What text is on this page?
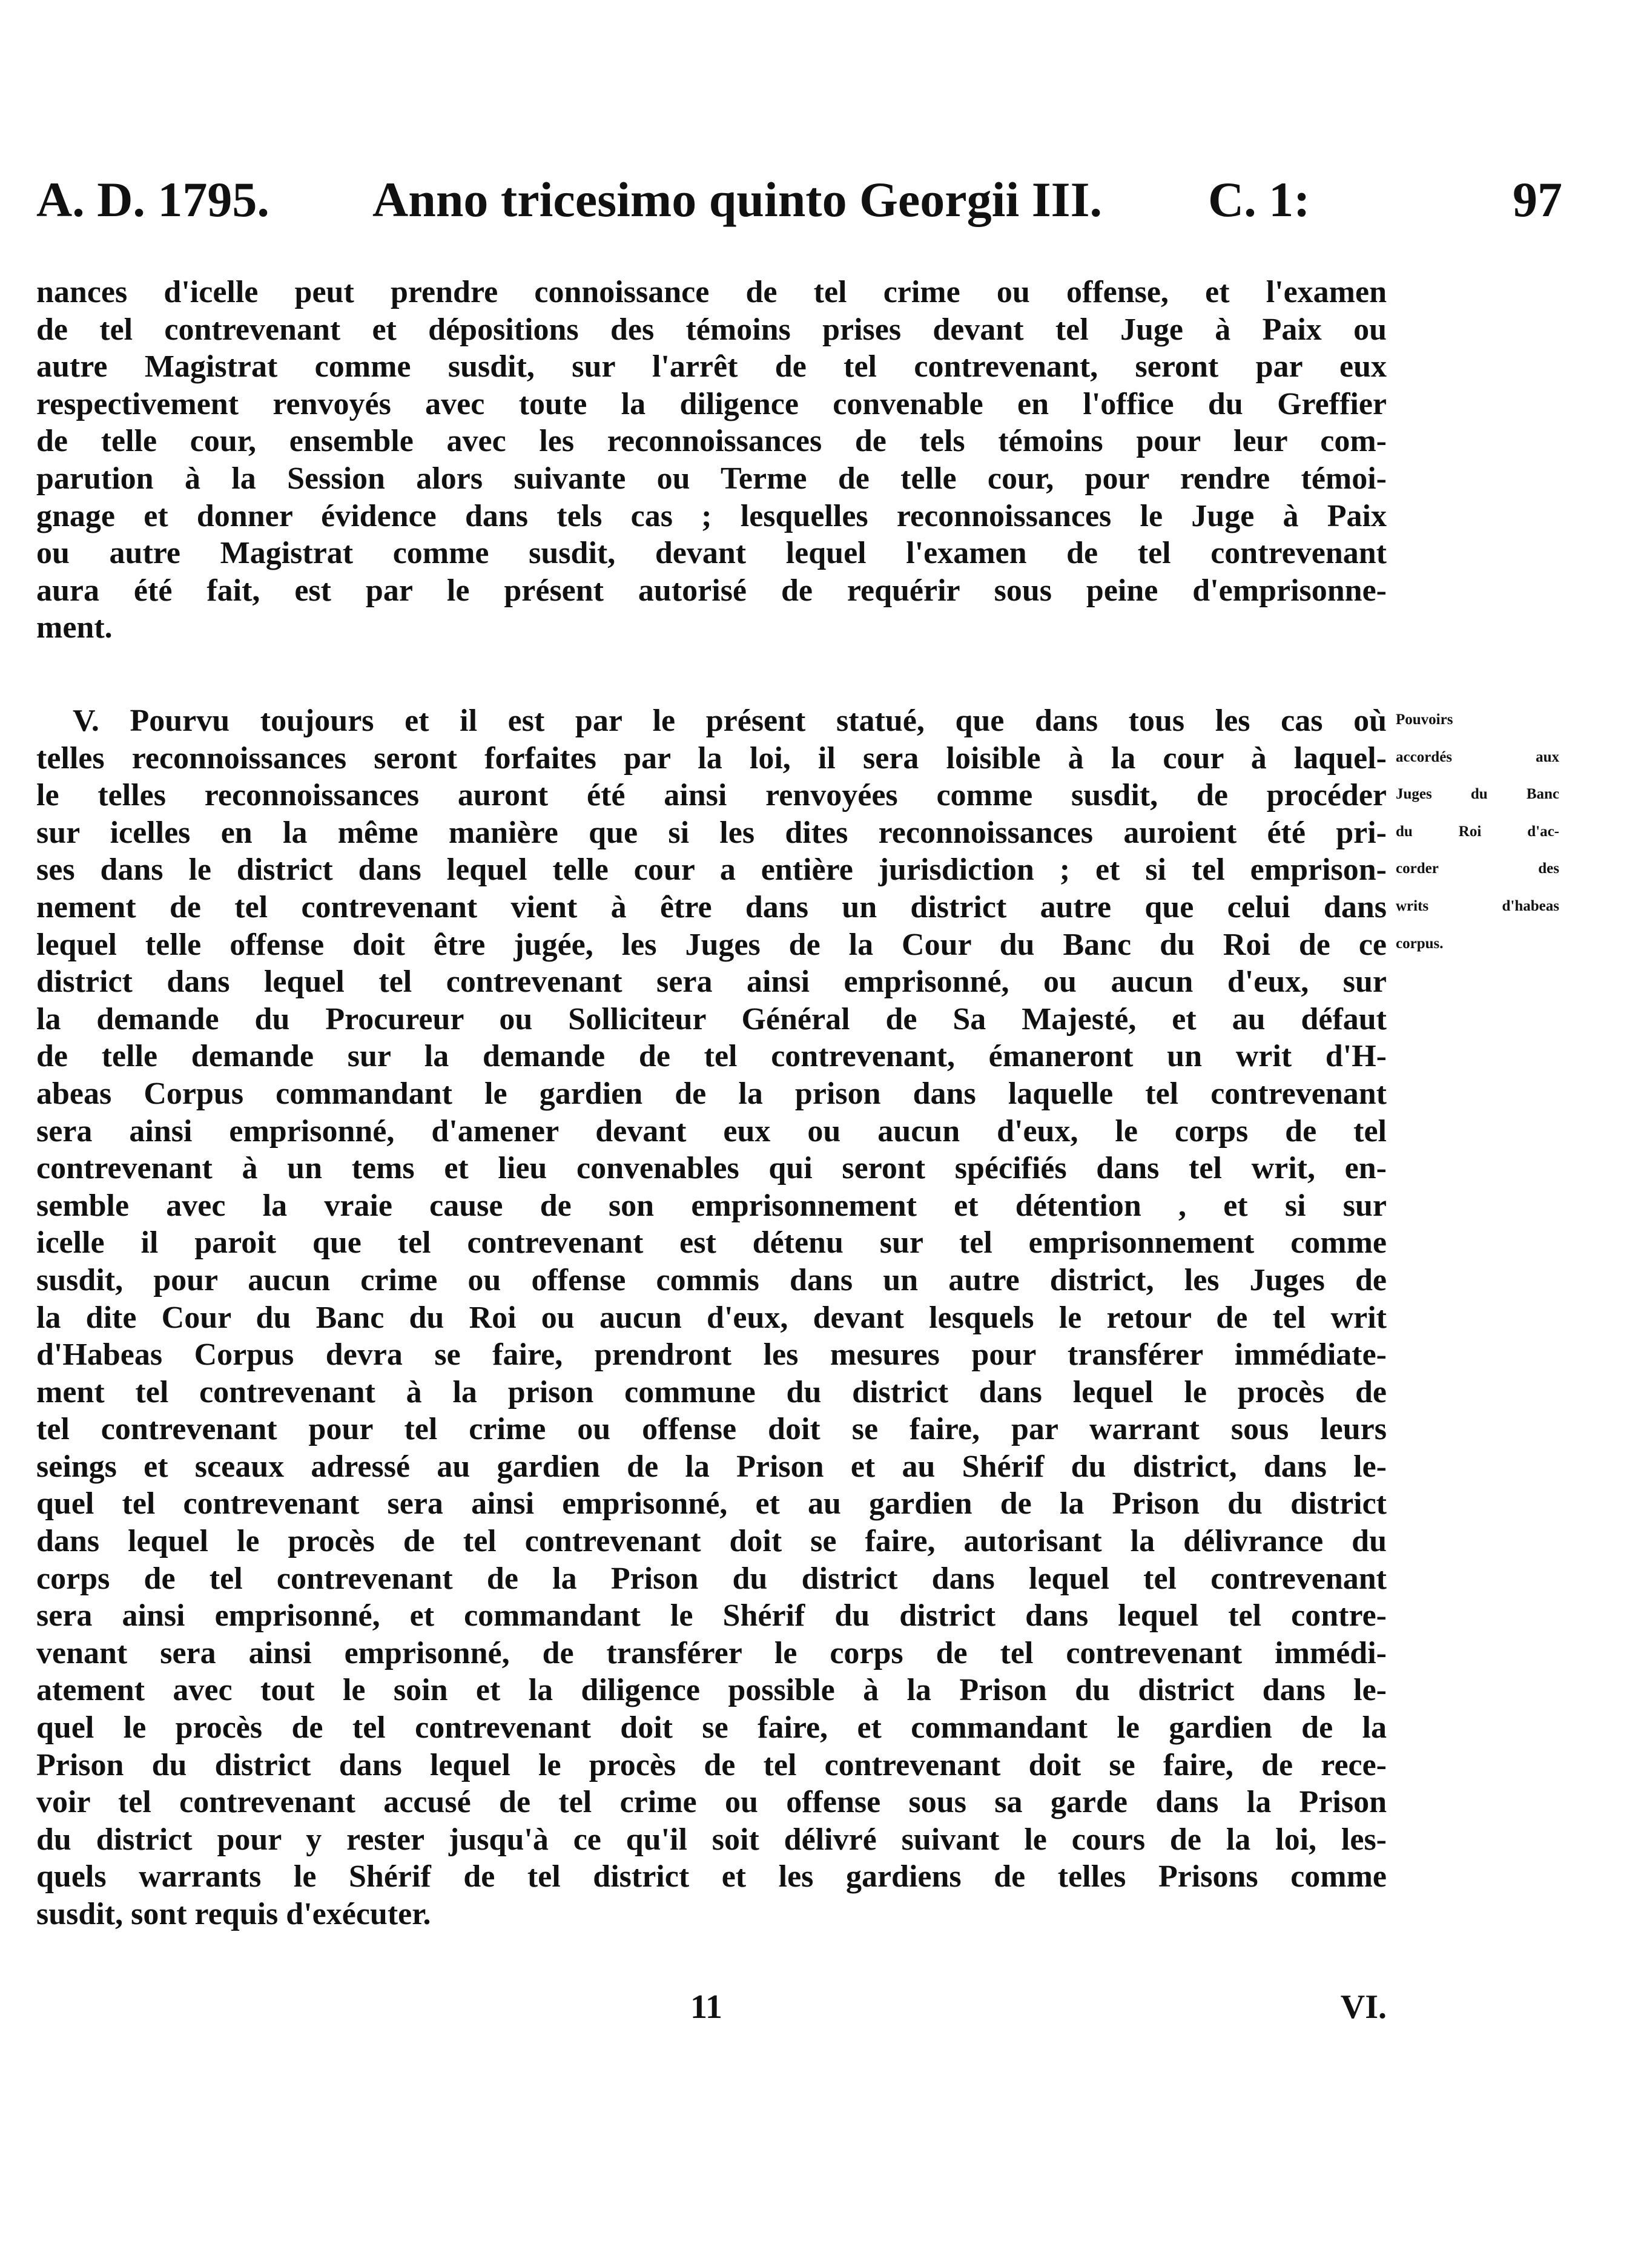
A. D. 1795. Anno tricesimo quinto Georgii III. C. 1:	97
nances d'icelle peut prendre connoissance de tel crime ou offense, et l'examen
de tel contrevenant et dépositions des témoins prises devant tel Juge à Paix ou
autre Magistrat comme susdit, sur l'arrêt de tel contrevenant, seront par eux
respectivement renvoyés avec toute la diligence convenable en l'office du Greffier
de telle cour, ensemble avec les reconnoissances de tels témoins pour leur com-
parution à la Session alors suivante ou Terme de telle cour, pour rendre témoi-
gnage et donner évidence dans tels cas ; lesquelles reconnoissances le Juge à Paix
ou autre Magistrat comme susdit, devant lequel l'examen de tel contrevenant
aura été fait, est par le présent autorisé de requérir sous peine d'emprisonne-
ment.
V. Pourvu toujours et il est par le présent statué, que dans tous les cas où
telles reconnoissances seront forfaites par la loi, il sera loisible à la cour à laquel-
le telles reconnoissances auront été ainsi renvoyées comme susdit, de procéder
sur icelles en la même manière que si les dites reconnoissances auroient été pri-
ses dans le district dans lequel telle cour a entière jurisdiction ; et si tel emprison-
nement de tel contrevenant vient à être dans un district autre que celui dans
lequel telle offense doit être jugée, les Juges de la Cour du Banc du Roi de ce
district dans lequel tel contrevenant sera ainsi emprisonné, ou aucun d'eux, sur
la demande du Procureur ou Solliciteur Général de Sa Majesté, et au défaut
de telle demande sur la demande de tel contrevenant, émaneront un writ d'H-
abeas Corpus commandant le gardien de la prison dans laquelle tel contrevenant
sera ainsi emprisonné, d'amener devant eux ou aucun d'eux, le corps de tel
contrevenant à un tems et lieu convenables qui seront spécifiés dans tel writ, en-
semble avec la vraie cause de son emprisonnement et détention , et si sur
icelle il paroit que tel contrevenant est détenu sur tel emprisonnement comme
susdit, pour aucun crime ou offense commis dans un autre district, les Juges de
la dite Cour du Banc du Roi ou aucun d'eux, devant lesquels le retour de tel writ
d'Habeas Corpus devra se faire, prendront les mesures pour transférer immédiate-
ment tel contrevenant à la prison commune du district dans lequel le procès de
tel contrevenant pour tel crime ou offense doit se faire, par warrant sous leurs
seings et sceaux adressé au gardien de la Prison et au Shérif du district, dans le-
quel tel contrevenant sera ainsi emprisonné, et au gardien de la Prison du district
dans lequel le procès de tel contrevenant doit se faire, autorisant la délivrance du
corps de tel contrevenant de la Prison du district dans lequel tel contrevenant
sera ainsi emprisonné, et commandant le Shérif du district dans lequel tel contre-
venant sera ainsi emprisonné, de transférer le corps de tel contrevenant immédi-
atement avec tout le soin et la diligence possible à la Prison du district dans le-
quel le procès de tel contrevenant doit se faire, et commandant le gardien de la
Prison du district dans lequel le procès de tel contrevenant doit se faire, de rece-
voir tel contrevenant accusé de tel crime ou offense sous sa garde dans la Prison
du district pour y rester jusqu'à ce qu'il soit délivré suivant le cours de la loi, les-
quels warrants le Shérif de tel district et les gardiens de telles Prisons comme
susdit, sont requis d'exécuter.
Pouvoirs
accordés aux
Juges du Banc
du Roi d'ac-
corder des
writs d'habeas
corpus.
11	VI.
